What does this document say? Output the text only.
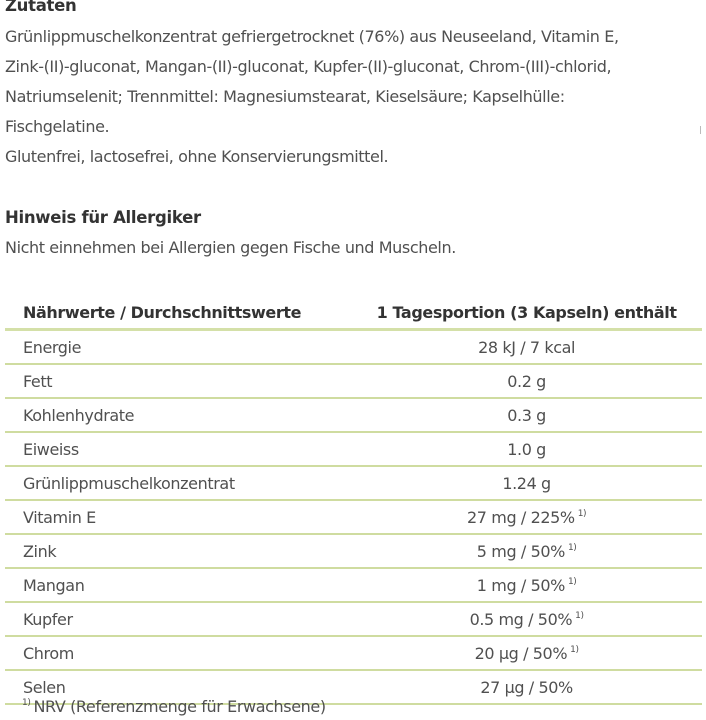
Zutaten
Grünlippmuschelkonzentrat gefriergetrocknet (76%) aus Neuseeland, Vitamin E,
Zink-(II)-gluconat, Mangan-(II)-gluconat, Kupfer-(II)-gluconat, Chrom-(III)-chlorid,
Natriumselenit; Trennmittel: Magnesiumstearat, Kieselsäure; Kapselhülle:
Fischgelatine.
Glutenfrei, lactosefrei, ohne Konservierungsmittel.
Hinweis für Allergiker
Nicht einnehmen bei Allergien gegen Fische und Muscheln.
Nährwerte / Durchschnittswerte	1 Tagesportion (3 Kapseln) enthält
Energie	28 kJ / 7 kcal
Fett	0.2 g
Kohlenhydrate	0.3 g
Eiweiss	1.0 g
Grünlippmuschelkonzentrat	1.24 g
Vitamin E	27 mg / 225% $^{1)}$
Zink	5 mg / 50% $^{1)}$
Mangan	1 mg / 50% $^{1)}$
Kupfer	0.5 mg / 50% $^{1)}$
Chrom	20 µg / 50% $^{1)}$
Selen	27 µg / 50%
$^{1)}$ NRV (Referenzmenge für Erwachsene)
